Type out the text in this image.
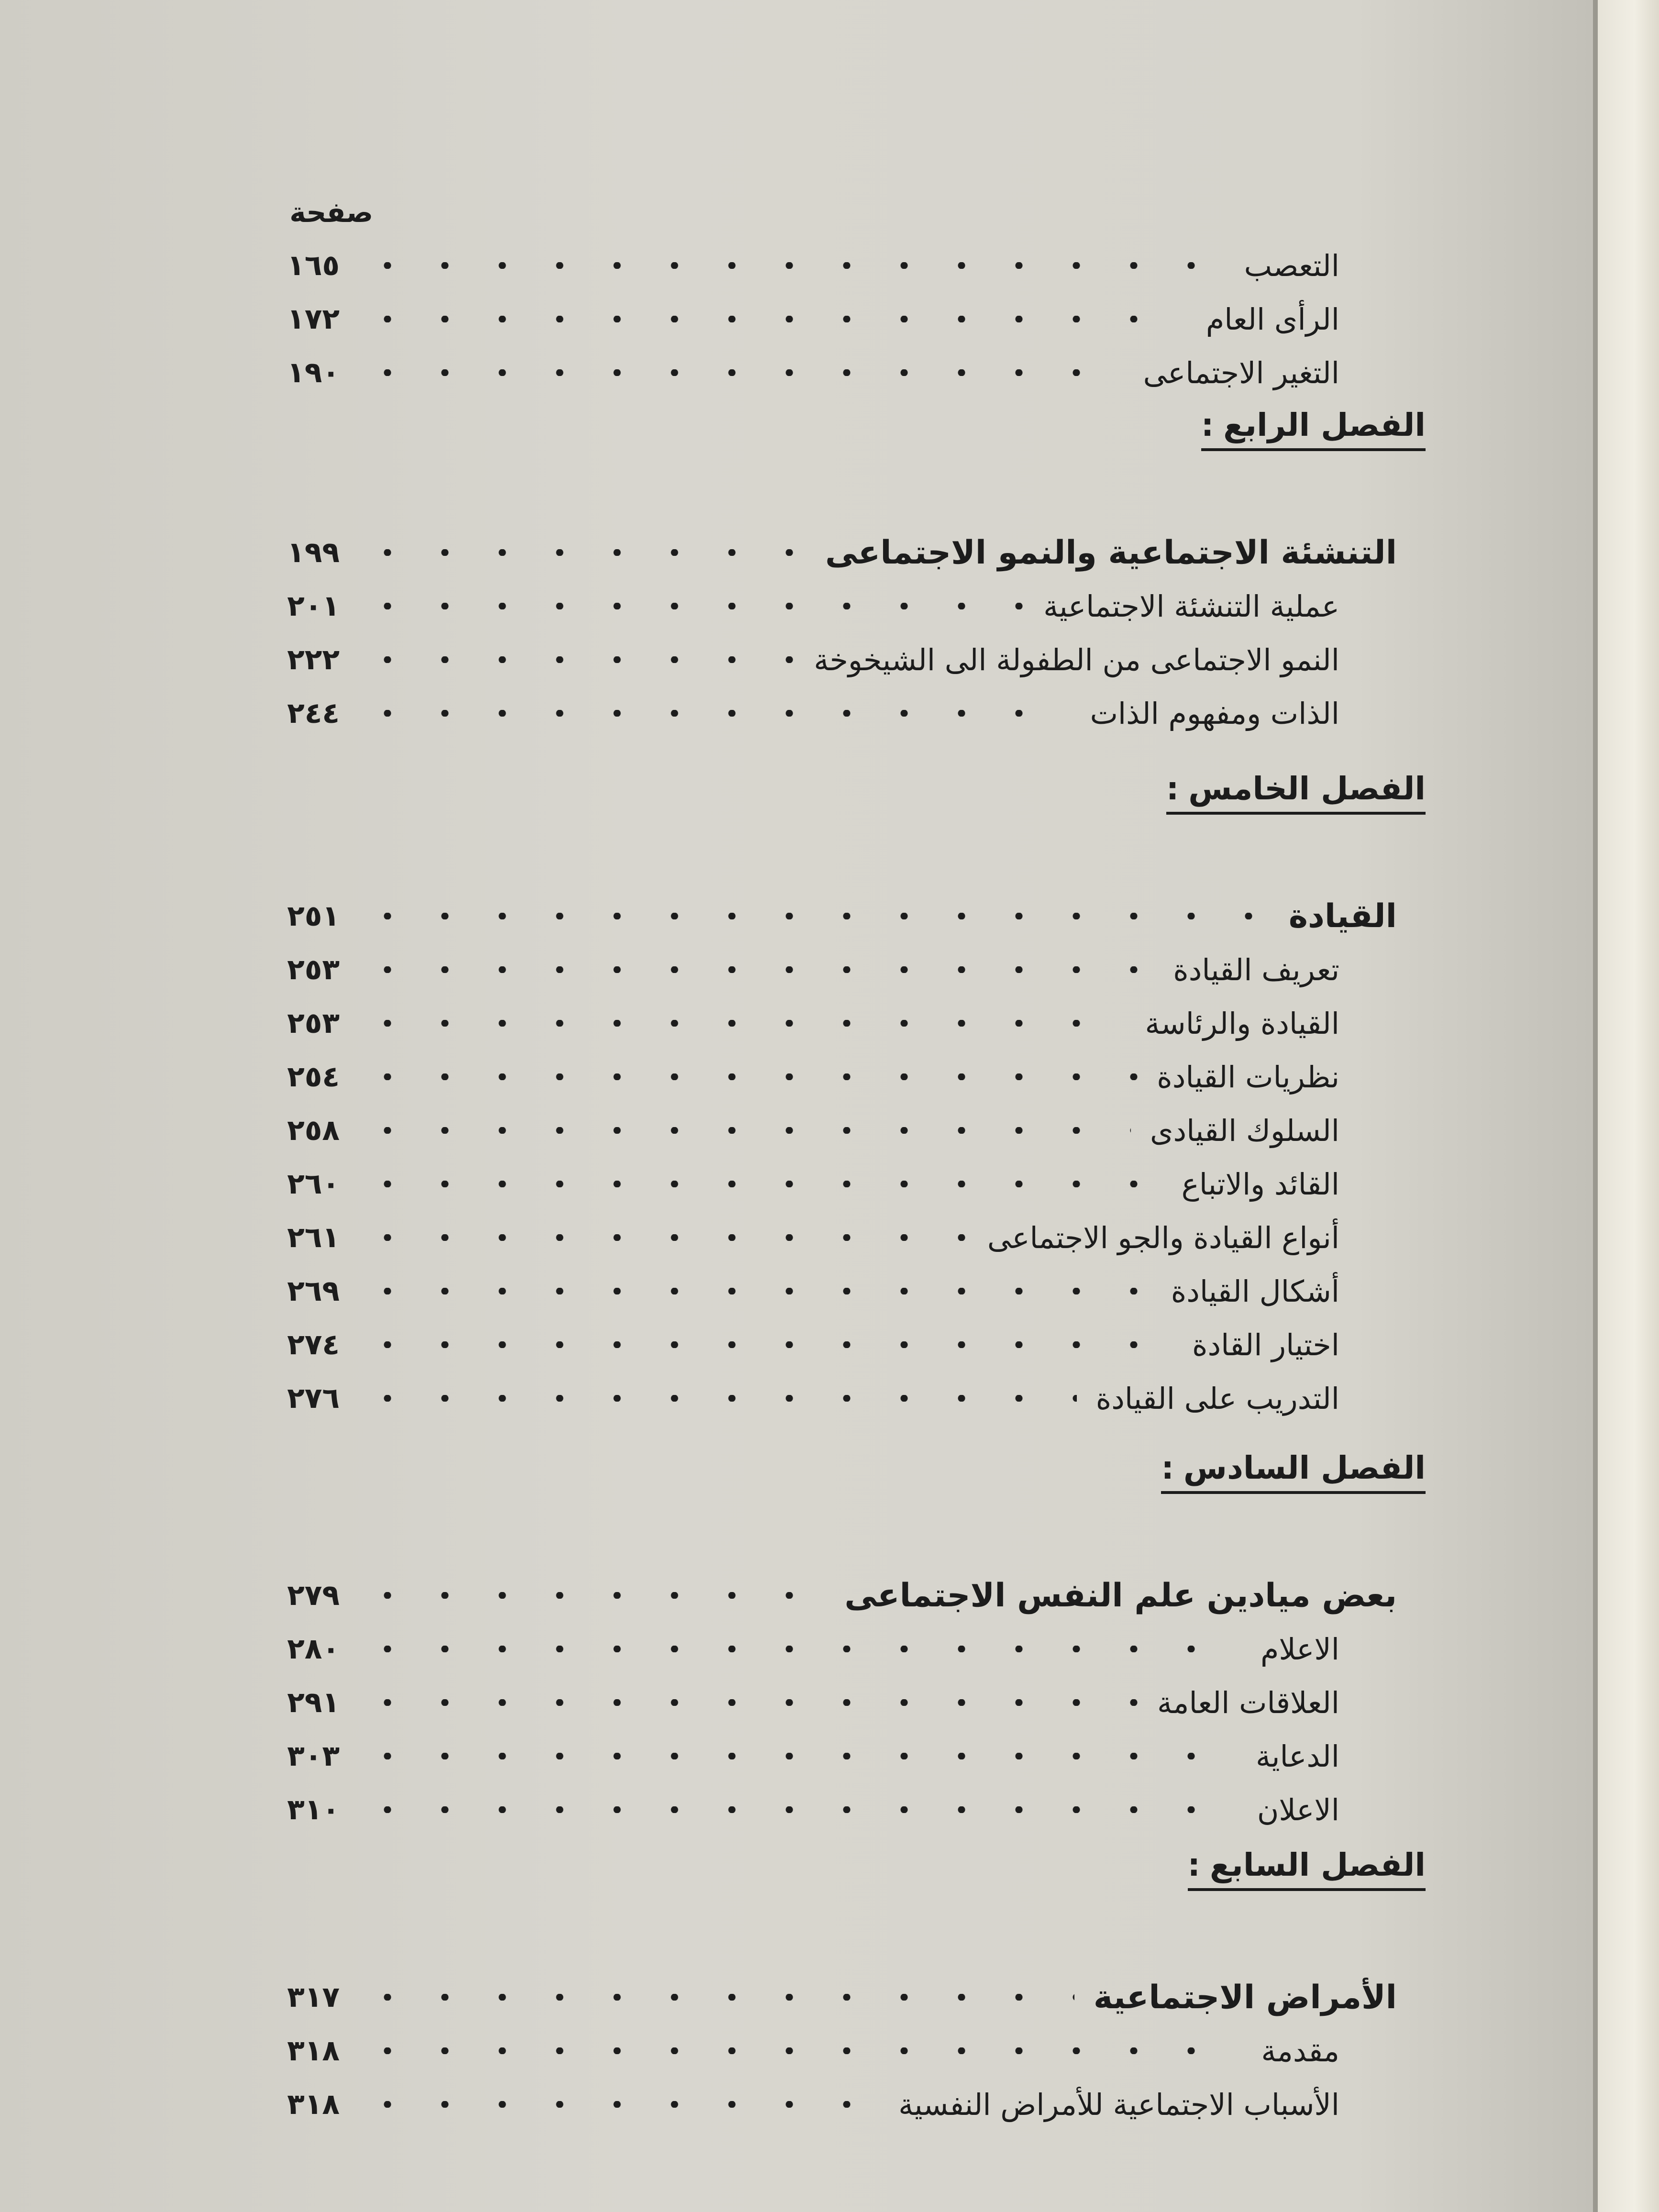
صفحة
التعصب
١٦٥
الرأى العام
١٧٢
التغير الاجتماعى
١٩٠
الفصل الرابع:
التنشئة الاجتماعية والنمو الاجتماعى
١٩٩
عملية التنشئة الاجتماعية
٢٠١
النمو الاجتماعى من الطفولة الى الشيخوخة
٢٢٢
الذات ومفهوم الذات
٢٤٤
الفصل الخامس:
القيادة
٢٥١
تعريف القيادة
٢٥٣
القيادة والرئاسة
٢٥٣
نظريات القيادة
٢٥٤
السلوك القيادى
٢٥٨
القائد والاتباع
٢٦٠
أنواع القيادة والجو الاجتماعى
٢٦١
أشكال القيادة
٢٦٩
اختيار القادة
٢٧٤
التدريب على القيادة
٢٧٦
الفصل السادس:
بعض ميادين علم النفس الاجتماعى
٢٧٩
الاعلام
٢٨٠
العلاقات العامة
٢٩١
الدعاية
٣٠٣
الاعلان
٣١٠
الفصل السابع:
الأمراض الاجتماعية
٣١٧
مقدمة
٣١٨
الأسباب الاجتماعية للأمراض النفسية
٣١٨
